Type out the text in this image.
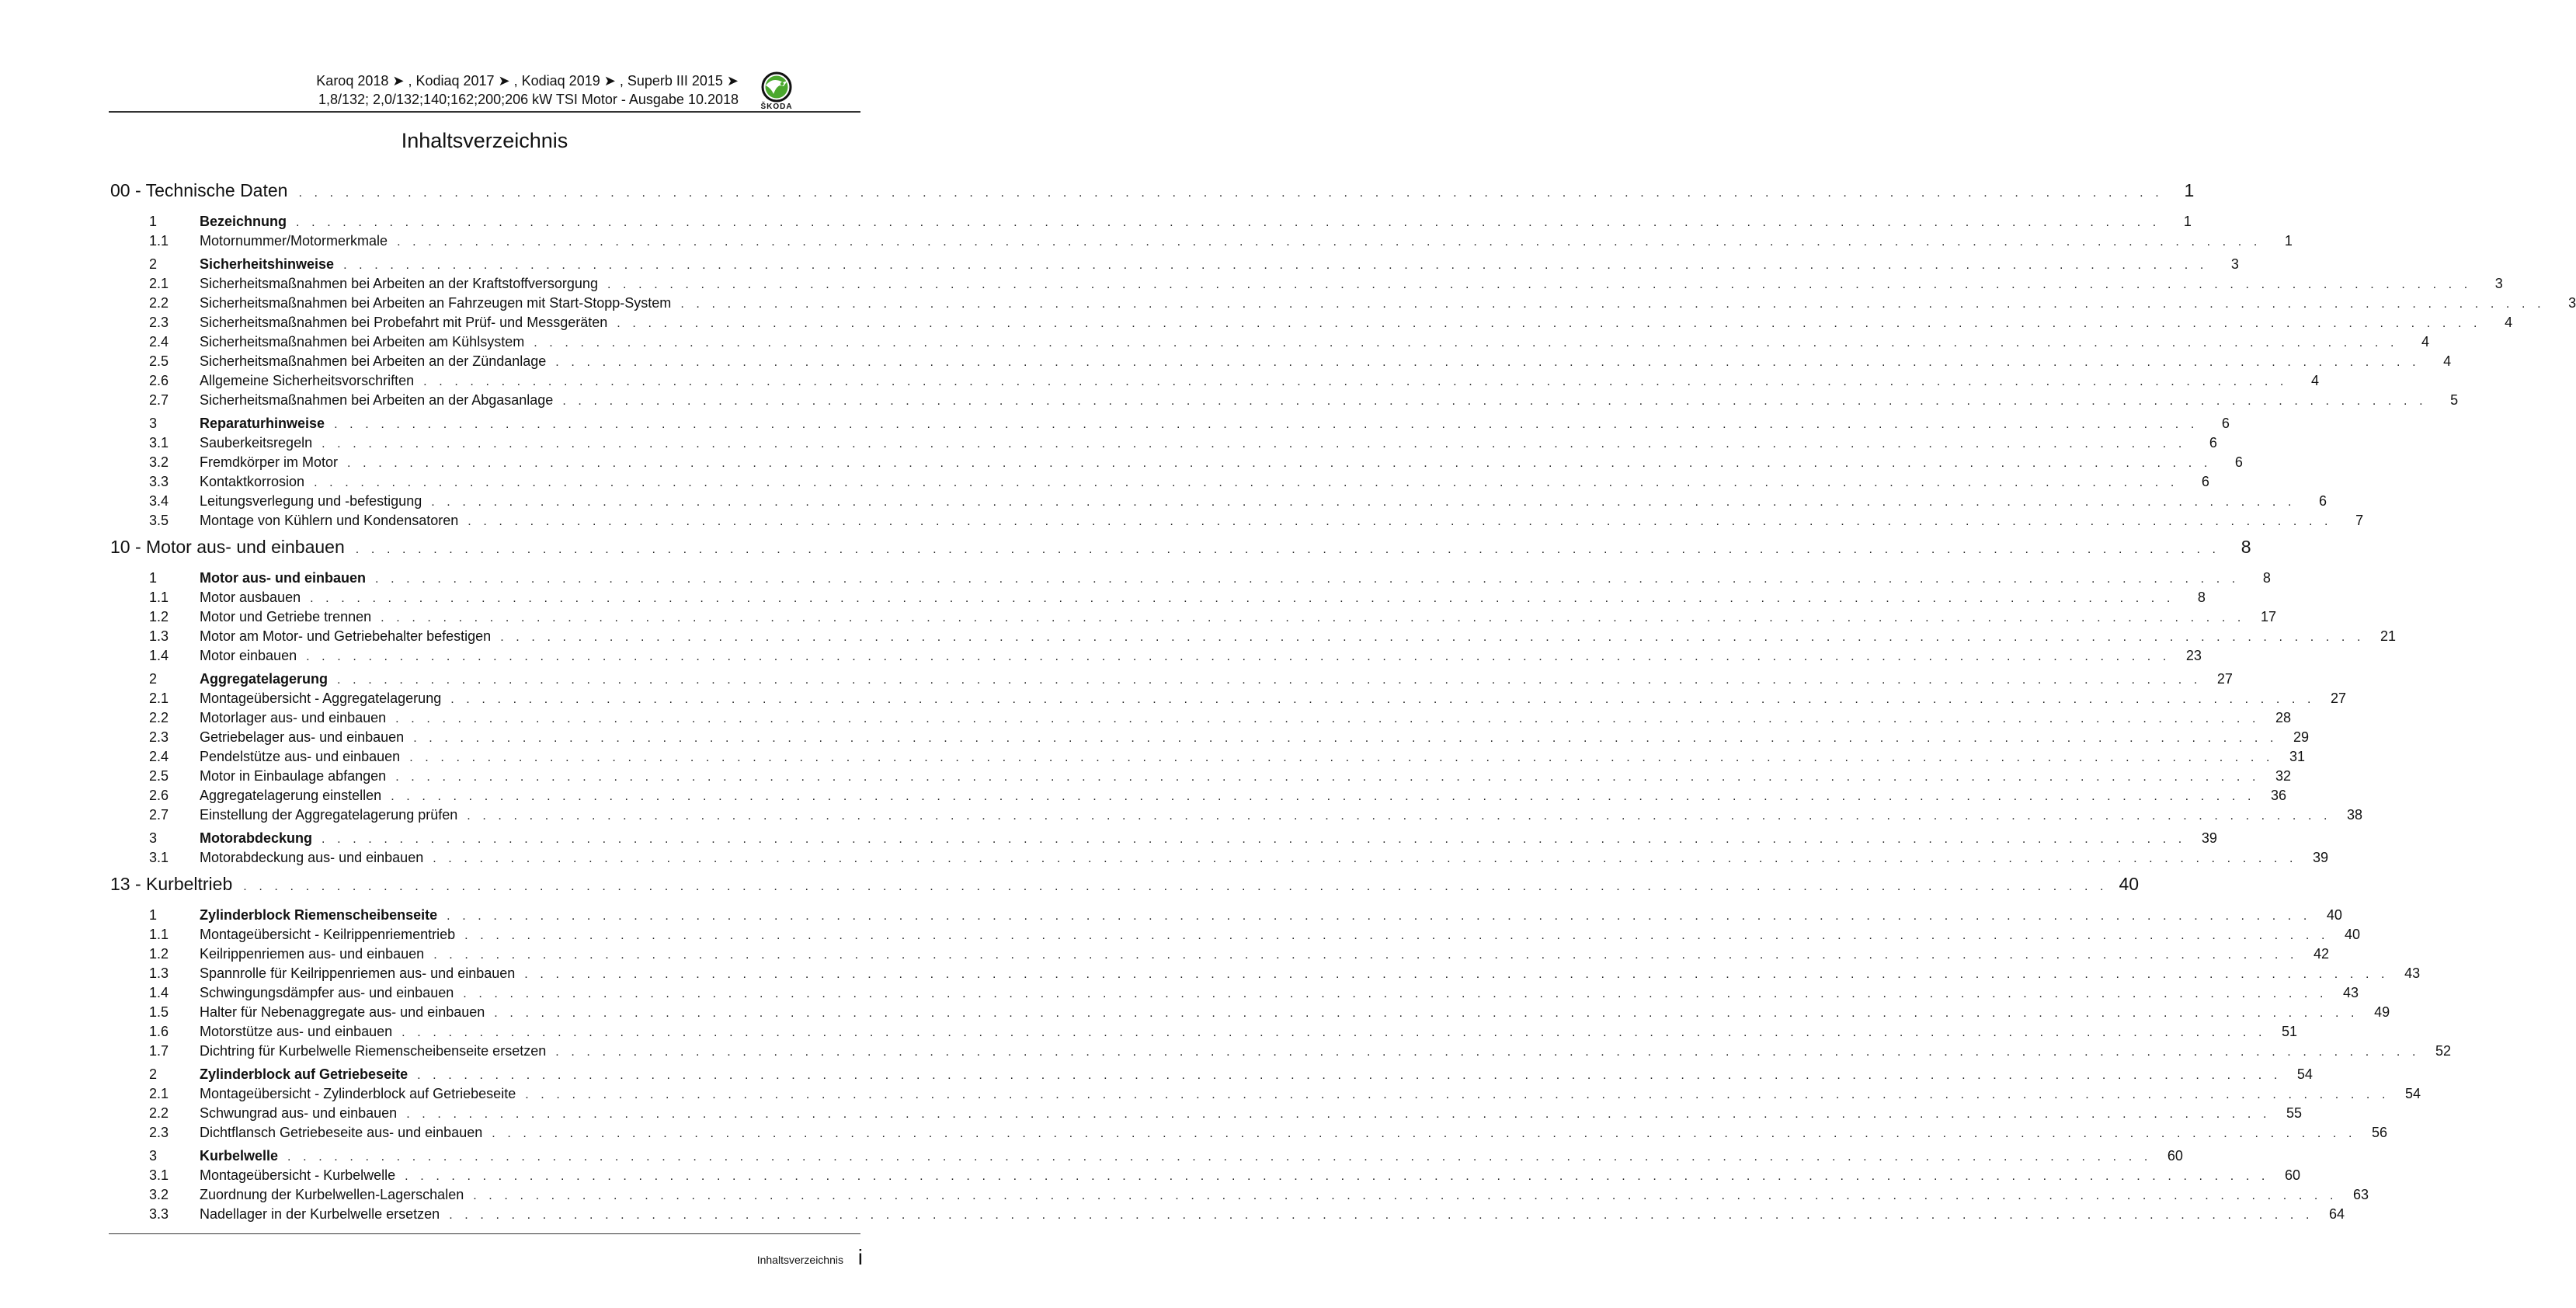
Karoq 2018 ➤ , Kodiaq 2017 ➤ , Kodiaq 2019 ➤ , Superb III 2015 ➤
1,8/132; 2,0/132;140;162;200;206 kW TSI Motor - Ausgabe 10.2018	ŠKODA
Inhaltsverzeichnis
00 - Technische Daten . . . . . . . . . . . . . . . . . . . . . . . . . . . . . . . . . . . . . . . . . . . . . . . . . . . . . . . . . . . . . . . . . . . . . . . . . . . . . . . . . . . . . . . . . . . . . . . . . . . . . . . . . . . . . . . . . . . . . . . .	1
1	Bezeichnung . . . . . . . . . . . . . . . . . . . . . . . . . . . . . . . . . . . . . . . . . . . . . . . . . . . . . . . . . . . . . . . . . . . . . . . . . . . . . . . . . . . . . . . . . . . . . . . . . . . . . . . . . . . . . . . . . . . . . . . .	1
1.1	Motornummer/Motormerkmale . . . . . . . . . . . . . . . . . . . . . . . . . . . . . . . . . . . . . . . . . . . . . . . . . . . . . . . . . . . . . . . . . . . . . . . . . . . . . . . . . . . . . . . . . . . . . . . . . . . . . . . . . . . . . . . . . . . . . . . .	1
2	Sicherheitshinweise . . . . . . . . . . . . . . . . . . . . . . . . . . . . . . . . . . . . . . . . . . . . . . . . . . . . . . . . . . . . . . . . . . . . . . . . . . . . . . . . . . . . . . . . . . . . . . . . . . . . . . . . . . . . . . . . . . . . . . . .	3
2.1	Sicherheitsmaßnahmen bei Arbeiten an der Kraftstoffversorgung . . . . . . . . . . . . . . . . . . . . . . . . . . . . . . . . . . . . . . . . . . . . . . . . . . . . . . . . . . . . . . . . . . . . . . . . . . . . . . . . . . . . . . . . . . . . . . . . . . . . . . . . . . . . . . . . . . . . . . . .	3
2.2	Sicherheitsmaßnahmen bei Arbeiten an Fahrzeugen mit Start-Stopp-System . . . . . . . . . . . . . . . . . . . . . . . . . . . . . . . . . . . . . . . . . . . . . . . . . . . . . . . . . . . . . . . . . . . . . . . . . . . . . . . . . . . . . . . . . . . . . . . . . . . . . . . . . . . . . . . . . . . . . . . .	3
2.3	Sicherheitsmaßnahmen bei Probefahrt mit Prüf- und Messgeräten . . . . . . . . . . . . . . . . . . . . . . . . . . . . . . . . . . . . . . . . . . . . . . . . . . . . . . . . . . . . . . . . . . . . . . . . . . . . . . . . . . . . . . . . . . . . . . . . . . . . . . . . . . . . . . . . . . . . . . . .	4
2.4	Sicherheitsmaßnahmen bei Arbeiten am Kühlsystem . . . . . . . . . . . . . . . . . . . . . . . . . . . . . . . . . . . . . . . . . . . . . . . . . . . . . . . . . . . . . . . . . . . . . . . . . . . . . . . . . . . . . . . . . . . . . . . . . . . . . . . . . . . . . . . . . . . . . . . .	4
2.5	Sicherheitsmaßnahmen bei Arbeiten an der Zündanlage . . . . . . . . . . . . . . . . . . . . . . . . . . . . . . . . . . . . . . . . . . . . . . . . . . . . . . . . . . . . . . . . . . . . . . . . . . . . . . . . . . . . . . . . . . . . . . . . . . . . . . . . . . . . . . . . . . . . . . . .	4
2.6	Allgemeine Sicherheitsvorschriften . . . . . . . . . . . . . . . . . . . . . . . . . . . . . . . . . . . . . . . . . . . . . . . . . . . . . . . . . . . . . . . . . . . . . . . . . . . . . . . . . . . . . . . . . . . . . . . . . . . . . . . . . . . . . . . . . . . . . . . .	4
2.7	Sicherheitsmaßnahmen bei Arbeiten an der Abgasanlage . . . . . . . . . . . . . . . . . . . . . . . . . . . . . . . . . . . . . . . . . . . . . . . . . . . . . . . . . . . . . . . . . . . . . . . . . . . . . . . . . . . . . . . . . . . . . . . . . . . . . . . . . . . . . . . . . . . . . . . .	5
3	Reparaturhinweise . . . . . . . . . . . . . . . . . . . . . . . . . . . . . . . . . . . . . . . . . . . . . . . . . . . . . . . . . . . . . . . . . . . . . . . . . . . . . . . . . . . . . . . . . . . . . . . . . . . . . . . . . . . . . . . . . . . . . . . .	6
3.1	Sauberkeitsregeln . . . . . . . . . . . . . . . . . . . . . . . . . . . . . . . . . . . . . . . . . . . . . . . . . . . . . . . . . . . . . . . . . . . . . . . . . . . . . . . . . . . . . . . . . . . . . . . . . . . . . . . . . . . . . . . . . . . . . . . .	6
3.2	Fremdkörper im Motor . . . . . . . . . . . . . . . . . . . . . . . . . . . . . . . . . . . . . . . . . . . . . . . . . . . . . . . . . . . . . . . . . . . . . . . . . . . . . . . . . . . . . . . . . . . . . . . . . . . . . . . . . . . . . . . . . . . . . . . .	6
3.3	Kontaktkorrosion . . . . . . . . . . . . . . . . . . . . . . . . . . . . . . . . . . . . . . . . . . . . . . . . . . . . . . . . . . . . . . . . . . . . . . . . . . . . . . . . . . . . . . . . . . . . . . . . . . . . . . . . . . . . . . . . . . . . . . . .	6
3.4	Leitungsverlegung und -befestigung . . . . . . . . . . . . . . . . . . . . . . . . . . . . . . . . . . . . . . . . . . . . . . . . . . . . . . . . . . . . . . . . . . . . . . . . . . . . . . . . . . . . . . . . . . . . . . . . . . . . . . . . . . . . . . . . . . . . . . . .	6
3.5	Montage von Kühlern und Kondensatoren . . . . . . . . . . . . . . . . . . . . . . . . . . . . . . . . . . . . . . . . . . . . . . . . . . . . . . . . . . . . . . . . . . . . . . . . . . . . . . . . . . . . . . . . . . . . . . . . . . . . . . . . . . . . . . . . . . . . . . . .	7
10 - Motor aus- und einbauen . . . . . . . . . . . . . . . . . . . . . . . . . . . . . . . . . . . . . . . . . . . . . . . . . . . . . . . . . . . . . . . . . . . . . . . . . . . . . . . . . . . . . . . . . . . . . . . . . . . . . . . . . . . . . . . . . . . . . . . .	8
1	Motor aus- und einbauen . . . . . . . . . . . . . . . . . . . . . . . . . . . . . . . . . . . . . . . . . . . . . . . . . . . . . . . . . . . . . . . . . . . . . . . . . . . . . . . . . . . . . . . . . . . . . . . . . . . . . . . . . . . . . . . . . . . . . . . .	8
1.1	Motor ausbauen . . . . . . . . . . . . . . . . . . . . . . . . . . . . . . . . . . . . . . . . . . . . . . . . . . . . . . . . . . . . . . . . . . . . . . . . . . . . . . . . . . . . . . . . . . . . . . . . . . . . . . . . . . . . . . . . . . . . . . . .	8
1.2	Motor und Getriebe trennen . . . . . . . . . . . . . . . . . . . . . . . . . . . . . . . . . . . . . . . . . . . . . . . . . . . . . . . . . . . . . . . . . . . . . . . . . . . . . . . . . . . . . . . . . . . . . . . . . . . . . . . . . . . . . . . . . . . . . . . .	17
1.3	Motor am Motor- und Getriebehalter befestigen . . . . . . . . . . . . . . . . . . . . . . . . . . . . . . . . . . . . . . . . . . . . . . . . . . . . . . . . . . . . . . . . . . . . . . . . . . . . . . . . . . . . . . . . . . . . . . . . . . . . . . . . . . . . . . . . . . . . . . . .	21
1.4	Motor einbauen . . . . . . . . . . . . . . . . . . . . . . . . . . . . . . . . . . . . . . . . . . . . . . . . . . . . . . . . . . . . . . . . . . . . . . . . . . . . . . . . . . . . . . . . . . . . . . . . . . . . . . . . . . . . . . . . . . . . . . . .	23
2	Aggregatelagerung . . . . . . . . . . . . . . . . . . . . . . . . . . . . . . . . . . . . . . . . . . . . . . . . . . . . . . . . . . . . . . . . . . . . . . . . . . . . . . . . . . . . . . . . . . . . . . . . . . . . . . . . . . . . . . . . . . . . . . . .	27
2.1	Montageübersicht - Aggregatelagerung . . . . . . . . . . . . . . . . . . . . . . . . . . . . . . . . . . . . . . . . . . . . . . . . . . . . . . . . . . . . . . . . . . . . . . . . . . . . . . . . . . . . . . . . . . . . . . . . . . . . . . . . . . . . . . . . . . . . . . . .	27
2.2	Motorlager aus- und einbauen . . . . . . . . . . . . . . . . . . . . . . . . . . . . . . . . . . . . . . . . . . . . . . . . . . . . . . . . . . . . . . . . . . . . . . . . . . . . . . . . . . . . . . . . . . . . . . . . . . . . . . . . . . . . . . . . . . . . . . . .	28
2.3	Getriebelager aus- und einbauen . . . . . . . . . . . . . . . . . . . . . . . . . . . . . . . . . . . . . . . . . . . . . . . . . . . . . . . . . . . . . . . . . . . . . . . . . . . . . . . . . . . . . . . . . . . . . . . . . . . . . . . . . . . . . . . . . . . . . . . .	29
2.4	Pendelstütze aus- und einbauen . . . . . . . . . . . . . . . . . . . . . . . . . . . . . . . . . . . . . . . . . . . . . . . . . . . . . . . . . . . . . . . . . . . . . . . . . . . . . . . . . . . . . . . . . . . . . . . . . . . . . . . . . . . . . . . . . . . . . . . .	31
2.5	Motor in Einbaulage abfangen . . . . . . . . . . . . . . . . . . . . . . . . . . . . . . . . . . . . . . . . . . . . . . . . . . . . . . . . . . . . . . . . . . . . . . . . . . . . . . . . . . . . . . . . . . . . . . . . . . . . . . . . . . . . . . . . . . . . . . . .	32
2.6	Aggregatelagerung einstellen . . . . . . . . . . . . . . . . . . . . . . . . . . . . . . . . . . . . . . . . . . . . . . . . . . . . . . . . . . . . . . . . . . . . . . . . . . . . . . . . . . . . . . . . . . . . . . . . . . . . . . . . . . . . . . . . . . . . . . . .	36
2.7	Einstellung der Aggregatelagerung prüfen . . . . . . . . . . . . . . . . . . . . . . . . . . . . . . . . . . . . . . . . . . . . . . . . . . . . . . . . . . . . . . . . . . . . . . . . . . . . . . . . . . . . . . . . . . . . . . . . . . . . . . . . . . . . . . . . . . . . . . . .	38
3	Motorabdeckung . . . . . . . . . . . . . . . . . . . . . . . . . . . . . . . . . . . . . . . . . . . . . . . . . . . . . . . . . . . . . . . . . . . . . . . . . . . . . . . . . . . . . . . . . . . . . . . . . . . . . . . . . . . . . . . . . . . . . . . .	39
3.1	Motorabdeckung aus- und einbauen . . . . . . . . . . . . . . . . . . . . . . . . . . . . . . . . . . . . . . . . . . . . . . . . . . . . . . . . . . . . . . . . . . . . . . . . . . . . . . . . . . . . . . . . . . . . . . . . . . . . . . . . . . . . . . . . . . . . . . . .	39
13 - Kurbeltrieb . . . . . . . . . . . . . . . . . . . . . . . . . . . . . . . . . . . . . . . . . . . . . . . . . . . . . . . . . . . . . . . . . . . . . . . . . . . . . . . . . . . . . . . . . . . . . . . . . . . . . . . . . . . . . . . . . . . . . . . . 40
1	Zylinderblock Riemenscheibenseite . . . . . . . . . . . . . . . . . . . . . . . . . . . . . . . . . . . . . . . . . . . . . . . . . . . . . . . . . . . . . . . . . . . . . . . . . . . . . . . . . . . . . . . . . . . . . . . . . . . . . . . . . . . . . . . . . . . . . . . .	40
1.1	Montageübersicht - Keilrippenriementrieb . . . . . . . . . . . . . . . . . . . . . . . . . . . . . . . . . . . . . . . . . . . . . . . . . . . . . . . . . . . . . . . . . . . . . . . . . . . . . . . . . . . . . . . . . . . . . . . . . . . . . . . . . . . . . . . . . . . . . . . .	40
1.2	Keilrippenriemen aus- und einbauen . . . . . . . . . . . . . . . . . . . . . . . . . . . . . . . . . . . . . . . . . . . . . . . . . . . . . . . . . . . . . . . . . . . . . . . . . . . . . . . . . . . . . . . . . . . . . . . . . . . . . . . . . . . . . . . . . . . . . . . .	42
1.3	Spannrolle für Keilrippenriemen aus- und einbauen . . . . . . . . . . . . . . . . . . . . . . . . . . . . . . . . . . . . . . . . . . . . . . . . . . . . . . . . . . . . . . . . . . . . . . . . . . . . . . . . . . . . . . . . . . . . . . . . . . . . . . . . . . . . . . . . . . . . . . . .	43
1.4	Schwingungsdämpfer aus- und einbauen . . . . . . . . . . . . . . . . . . . . . . . . . . . . . . . . . . . . . . . . . . . . . . . . . . . . . . . . . . . . . . . . . . . . . . . . . . . . . . . . . . . . . . . . . . . . . . . . . . . . . . . . . . . . . . . . . . . . . . . .	43
1.5	Halter für Nebenaggregate aus- und einbauen . . . . . . . . . . . . . . . . . . . . . . . . . . . . . . . . . . . . . . . . . . . . . . . . . . . . . . . . . . . . . . . . . . . . . . . . . . . . . . . . . . . . . . . . . . . . . . . . . . . . . . . . . . . . . . . . . . . . . . . .	49
1.6	Motorstütze aus- und einbauen . . . . . . . . . . . . . . . . . . . . . . . . . . . . . . . . . . . . . . . . . . . . . . . . . . . . . . . . . . . . . . . . . . . . . . . . . . . . . . . . . . . . . . . . . . . . . . . . . . . . . . . . . . . . . . . . . . . . . . . .	51
1.7	Dichtring für Kurbelwelle Riemenscheibenseite ersetzen . . . . . . . . . . . . . . . . . . . . . . . . . . . . . . . . . . . . . . . . . . . . . . . . . . . . . . . . . . . . . . . . . . . . . . . . . . . . . . . . . . . . . . . . . . . . . . . . . . . . . . . . . . . . . . . . . . . . . . . .	52
2	Zylinderblock auf Getriebeseite . . . . . . . . . . . . . . . . . . . . . . . . . . . . . . . . . . . . . . . . . . . . . . . . . . . . . . . . . . . . . . . . . . . . . . . . . . . . . . . . . . . . . . . . . . . . . . . . . . . . . . . . . . . . . . . . . . . . . . . .	54
2.1	Montageübersicht - Zylinderblock auf Getriebeseite . . . . . . . . . . . . . . . . . . . . . . . . . . . . . . . . . . . . . . . . . . . . . . . . . . . . . . . . . . . . . . . . . . . . . . . . . . . . . . . . . . . . . . . . . . . . . . . . . . . . . . . . . . . . . . . . . . . . . . . .	54
2.2	Schwungrad aus- und einbauen . . . . . . . . . . . . . . . . . . . . . . . . . . . . . . . . . . . . . . . . . . . . . . . . . . . . . . . . . . . . . . . . . . . . . . . . . . . . . . . . . . . . . . . . . . . . . . . . . . . . . . . . . . . . . . . . . . . . . . . .	55
2.3	Dichtflansch Getriebeseite aus- und einbauen . . . . . . . . . . . . . . . . . . . . . . . . . . . . . . . . . . . . . . . . . . . . . . . . . . . . . . . . . . . . . . . . . . . . . . . . . . . . . . . . . . . . . . . . . . . . . . . . . . . . . . . . . . . . . . . . . . . . . . . .	56
3	Kurbelwelle . . . . . . . . . . . . . . . . . . . . . . . . . . . . . . . . . . . . . . . . . . . . . . . . . . . . . . . . . . . . . . . . . . . . . . . . . . . . . . . . . . . . . . . . . . . . . . . . . . . . . . . . . . . . . . . . . . . . . . . .	60
3.1	Montageübersicht - Kurbelwelle . . . . . . . . . . . . . . . . . . . . . . . . . . . . . . . . . . . . . . . . . . . . . . . . . . . . . . . . . . . . . . . . . . . . . . . . . . . . . . . . . . . . . . . . . . . . . . . . . . . . . . . . . . . . . . . . . . . . . . . .	60
3.2	Zuordnung der Kurbelwellen-Lagerschalen . . . . . . . . . . . . . . . . . . . . . . . . . . . . . . . . . . . . . . . . . . . . . . . . . . . . . . . . . . . . . . . . . . . . . . . . . . . . . . . . . . . . . . . . . . . . . . . . . . . . . . . . . . . . . . . . . . . . . . . .	63
3.3	Nadellager in der Kurbelwelle ersetzen . . . . . . . . . . . . . . . . . . . . . . . . . . . . . . . . . . . . . . . . . . . . . . . . . . . . . . . . . . . . . . . . . . . . . . . . . . . . . . . . . . . . . . . . . . . . . . . . . . . . . . . . . . . . . . . . . . . . . . . .	64
Inhaltsverzeichnis i
